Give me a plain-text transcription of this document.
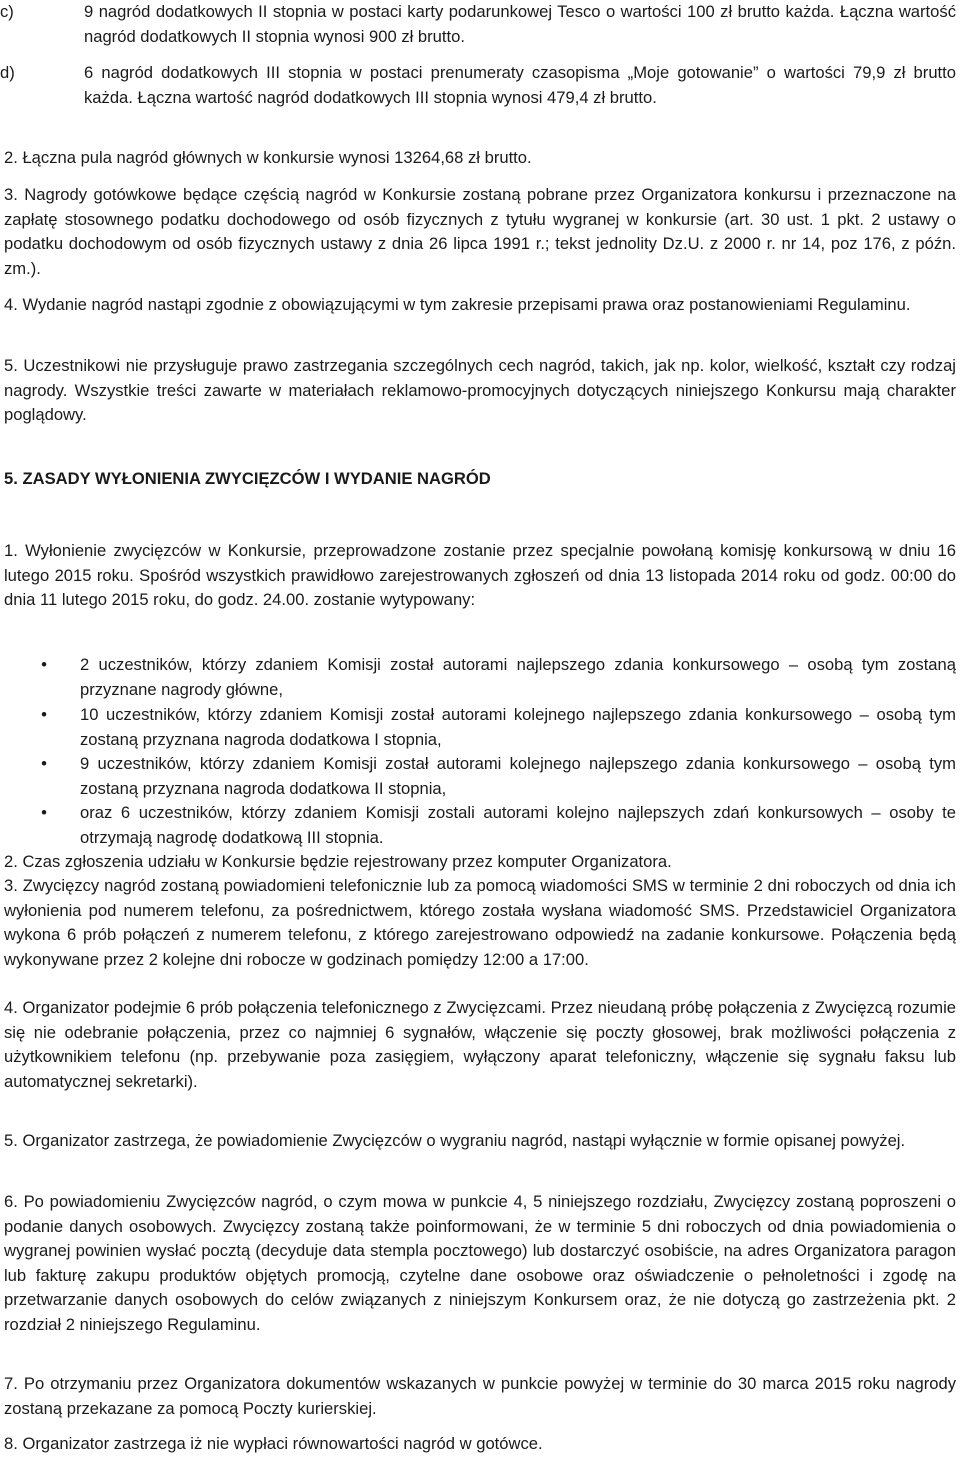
c)	9 nagród dodatkowych II stopnia w postaci karty podarunkowej Tesco o wartości 100 zł brutto każda. Łączna wartość nagród dodatkowych II stopnia wynosi 900 zł brutto.

d)	6 nagród dodatkowych III stopnia w postaci prenumeraty czasopisma „Moje gotowanie” o wartości 79,9 zł brutto każda. Łączna wartość nagród dodatkowych III stopnia wynosi 479,4 zł brutto.

2. Łączna pula nagród głównych w konkursie wynosi 13264,68 zł brutto.

3. Nagrody gotówkowe będące częścią nagród w Konkursie zostaną pobrane przez Organizatora konkursu i przeznaczone na zapłatę stosownego podatku dochodowego od osób fizycznych z tytułu wygranej w konkursie (art. 30 ust. 1 pkt. 2 ustawy o podatku dochodowym od osób fizycznych ustawy z dnia 26 lipca 1991 r.; tekst jednolity Dz.U. z 2000 r. nr 14, poz 176, z późn. zm.).

4. Wydanie nagród nastąpi zgodnie z obowiązującymi w tym zakresie przepisami prawa oraz postanowieniami Regulaminu.

5. Uczestnikowi nie przysługuje prawo zastrzegania szczególnych cech nagród, takich, jak np. kolor, wielkość, kształt czy rodzaj nagrody. Wszystkie treści zawarte w materiałach reklamowo-promocyjnych dotyczących niniejszego Konkursu mają charakter poglądowy.

5. ZASADY WYŁONIENIA ZWYCIĘZCÓW I WYDANIE NAGRÓD

1. Wyłonienie zwycięzców w Konkursie, przeprowadzone zostanie przez specjalnie powołaną komisję konkursową w dniu 16 lutego 2015 roku. Spośród wszystkich prawidłowo zarejestrowanych zgłoszeń od dnia 13 listopada 2014 roku od godz. 00:00 do dnia 11 lutego 2015 roku, do godz. 24.00. zostanie wytypowany:

•	2 uczestników, którzy zdaniem Komisji został autorami najlepszego zdania konkursowego – osobą tym zostaną przyznane nagrody główne,

•	10 uczestników, którzy zdaniem Komisji został autorami kolejnego najlepszego zdania konkursowego – osobą tym zostaną przyznana nagroda dodatkowa I stopnia,

•	9 uczestników, którzy zdaniem Komisji został autorami kolejnego najlepszego zdania konkursowego – osobą tym zostaną przyznana nagroda dodatkowa II stopnia,

•	oraz 6 uczestników, którzy zdaniem Komisji zostali autorami kolejno najlepszych zdań konkursowych – osoby te otrzymają nagrodę dodatkową III stopnia.

2. Czas zgłoszenia udziału w Konkursie będzie rejestrowany przez komputer Organizatora.

3. Zwycięzcy nagród zostaną powiadomieni telefonicznie lub za pomocą wiadomości SMS w terminie 2 dni roboczych od dnia ich wyłonienia pod numerem telefonu, za pośrednictwem, którego została wysłana wiadomość SMS. Przedstawiciel Organizatora wykona 6 prób połączeń z numerem telefonu, z którego zarejestrowano odpowiedź na zadanie konkursowe. Połączenia będą wykonywane przez 2 kolejne dni robocze w godzinach pomiędzy 12:00 a 17:00.

4. Organizator podejmie 6 prób połączenia telefonicznego z Zwycięzcami. Przez nieudaną próbę połączenia z Zwycięzcą rozumie się nie odebranie połączenia, przez co najmniej 6 sygnałów, włączenie się poczty głosowej, brak możliwości połączenia z użytkownikiem telefonu (np. przebywanie poza zasięgiem, wyłączony aparat telefoniczny, włączenie się sygnału faksu lub automatycznej sekretarki).

5. Organizator zastrzega, że powiadomienie Zwycięzców o wygraniu nagród, nastąpi wyłącznie w formie opisanej powyżej.

6. Po powiadomieniu Zwycięzców nagród, o czym mowa w punkcie 4, 5 niniejszego rozdziału, Zwycięzcy zostaną poproszeni o podanie danych osobowych. Zwycięzcy zostaną także poinformowani, że w terminie 5 dni roboczych od dnia powiadomienia o wygranej powinien wysłać pocztą (decyduje data stempla pocztowego) lub dostarczyć osobiście, na adres Organizatora paragon lub fakturę zakupu produktów objętych promocją, czytelne dane osobowe oraz oświadczenie o pełnoletności i zgodę na przetwarzanie danych osobowych do celów związanych z niniejszym Konkursem oraz, że nie dotyczą go zastrzeżenia pkt. 2 rozdział 2 niniejszego Regulaminu.

7. Po otrzymaniu przez Organizatora dokumentów wskazanych w punkcie powyżej w terminie do 30 marca 2015 roku nagrody zostaną przekazane za pomocą Poczty kurierskiej.

8. Organizator zastrzega iż nie wypłaci równowartości nagród w gotówce.
